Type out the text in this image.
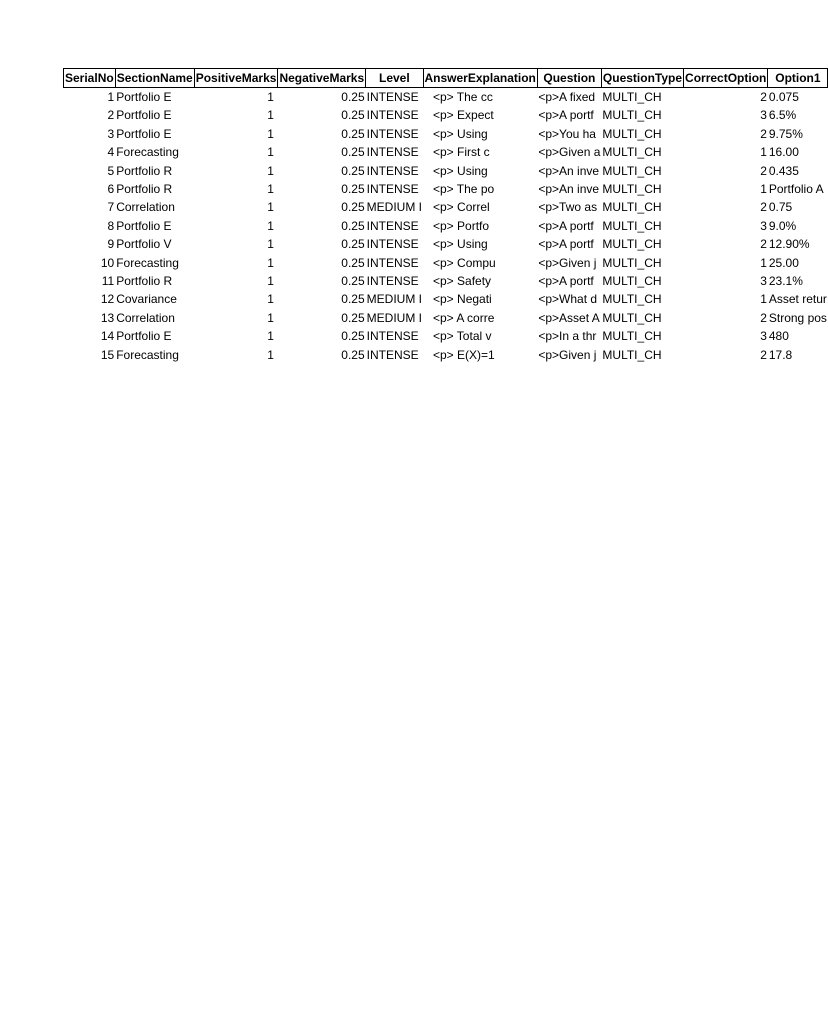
SerialNo	SectionName	PositiveMarks	NegativeMarks	Level	AnswerExplanation	Question	QuestionType	CorrectOption	Option1
1	Portfolio E	1	0.25	INTENSE	<p> The cc	<p>A fixed	MULTI_CH	2	0.075
2	Portfolio E	1	0.25	INTENSE	<p> Expect	<p>A portf	MULTI_CH	3	6.5%
3	Portfolio E	1	0.25	INTENSE	<p> Using	<p>You ha	MULTI_CH	2	9.75%
4	Forecasting	1	0.25	INTENSE	<p> First c	<p>Given a	MULTI_CH	1	16.00
5	Portfolio R	1	0.25	INTENSE	<p> Using	<p>An inve	MULTI_CH	2	0.435
6	Portfolio R	1	0.25	INTENSE	<p> The po	<p>An inve	MULTI_CH	1	Portfolio A
7	Correlation	1	0.25	MEDIUM I	<p> Correl	<p>Two as	MULTI_CH	2	0.75
8	Portfolio E	1	0.25	INTENSE	<p> Portfo	<p>A portf	MULTI_CH	3	9.0%
9	Portfolio V	1	0.25	INTENSE	<p> Using	<p>A portf	MULTI_CH	2	12.90%
10	Forecasting	1	0.25	INTENSE	<p> Compu	<p>Given j	MULTI_CH	1	25.00
11	Portfolio R	1	0.25	INTENSE	<p> Safety	<p>A portf	MULTI_CH	3	23.1%
12	Covariance	1	0.25	MEDIUM I	<p> Negati	<p>What d	MULTI_CH	1	Asset retur
13	Correlation	1	0.25	MEDIUM I	<p> A corre	<p>Asset A	MULTI_CH	2	Strong pos
14	Portfolio E	1	0.25	INTENSE	<p> Total v	<p>In a thr	MULTI_CH	3	480
15	Forecasting	1	0.25	INTENSE	<p> E(X)=1	<p>Given j	MULTI_CH	2	17.8
